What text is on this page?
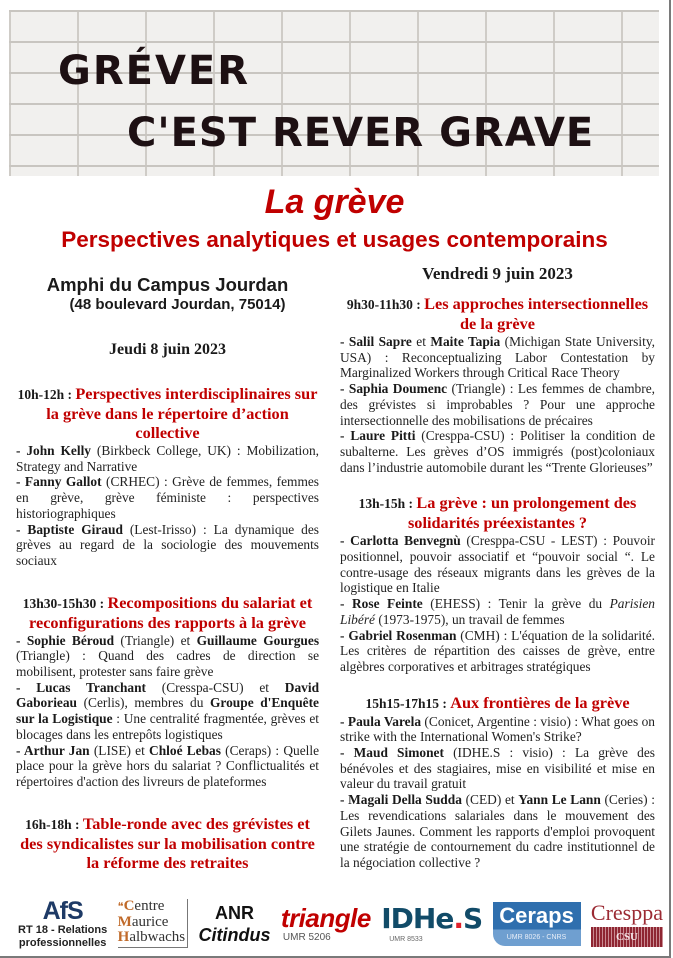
GRÉVER
C'EST REVER GRAVE
La grève
Perspectives analytiques et usages contemporains
Amphi du Campus Jourdan
(48 boulevard Jourdan, 75014)
Jeudi 8 juin 2023
10h-12h : Perspectives interdisciplinaires sur la grève dans le répertoire d’action collective
- John Kelly (Birkbeck College, UK) : Mobilization, Strategy and Narrative
- Fanny Gallot (CRHEC) : Grève de femmes, femmes en grève, grève féministe : perspectives historiographiques
- Baptiste Giraud (Lest-Irisso) : La dynamique des grèves au regard de la sociologie des mouvements sociaux
13h30-15h30 : Recompositions du salariat et reconfigurations des rapports à la grève
- Sophie Béroud (Triangle) et Guillaume Gourgues (Triangle) : Quand des cadres de direction se mobilisent, protester sans faire grève
- Lucas Tranchant (Cresspa-CSU) et David Gaborieau (Cerlis), membres du Groupe d'Enquête sur la Logistique : Une centralité fragmentée, grèves et blocages dans les entrepôts logistiques
- Arthur Jan (LISE) et Chloé Lebas (Ceraps) : Quelle place pour la grève hors du salariat ? Conflictualités et répertoires d'action des livreurs de plateformes
16h-18h : Table-ronde avec des grévistes et des syndicalistes sur la mobilisation contre la réforme des retraites
Vendredi 9 juin 2023
9h30-11h30 : Les approches intersectionnelles de la grève
- Salil Sapre et Maite Tapia (Michigan State University, USA) : Reconceptualizing Labor Contestation by Marginalized Workers through Critical Race Theory
- Saphia Doumenc (Triangle) : Les femmes de chambre, des grévistes si improbables ? Pour une approche intersectionnelle des mobilisations de précaires
- Laure Pitti (Cresppa-CSU) : Politiser la condition de subalterne. Les grèves d’OS immigrés (post)coloniaux dans l’industrie automobile durant les “Trente Glorieuses”
13h-15h : La grève : un prolongement des solidarités préexistantes ?
- Carlotta Benvegnù (Cresppa-CSU - LEST) : Pouvoir positionnel, pouvoir associatif et “pouvoir social “. Le contre-usage des réseaux migrants dans les grèves de la logistique en Italie
- Rose Feinte (EHESS) : Tenir la grève du Parisien Libéré (1973-1975), un travail de femmes
- Gabriel Rosenman (CMH) : L'équation de la solidarité. Les critères de répartition des caisses de grève, entre algèbres corporatives et arbitrages stratégiques
15h15-17h15 : Aux frontières de la grève
- Paula Varela (Conicet, Argentine : visio) : What goes on strike with the International Women's Strike?
- Maud Simonet (IDHE.S : visio) : La grève des bénévoles et des stagiaires, mise en visibilité et mise en valeur du travail gratuit
- Magali Della Sudda (CED) et Yann Le Lann (Ceries) : Les revendications salariales dans le mouvement des Gilets Jaunes. Comment les rapports d'emploi provoquent une stratégie de contournement du cadre institutionnel de la négociation collective ?
AfS
RT 18 - Relations
professionnelles
❝Centre
Maurice
Halbwachs
ANR
Citindus
triangle
UMR 5206
IDHe.S
UMR 8533
Ceraps
UMR 8026 - CNRS
Cresppa
CSU
